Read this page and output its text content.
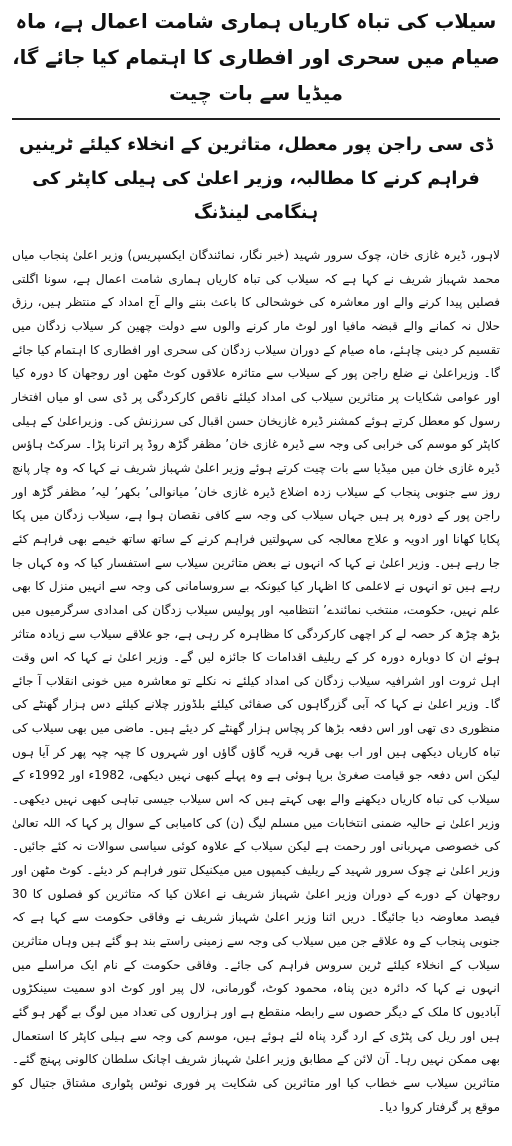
سیلاب کی تباہ کاریاں ہماری شامت اعمال ہے، ماہ صیام میں سحری اور افطاری کا اہتمام کیا جائے گا، میڈیا سے بات چیت
ڈی سی راجن پور معطل، متاثرین کے انخلاء کیلئے ٹرینیں فراہم کرنے کا مطالبہ، وزیر اعلیٰ کی ہیلی کاپٹر کی ہنگامی لینڈنگ

لاہور، ڈیرہ غازی خان، چوک سرور شہید (خبر نگار، نمائندگان ایکسپریس) وزیر اعلیٰ پنجاب میاں محمد شہباز شریف نے کہا ہے کہ سیلاب کی تباہ کاریاں ہماری شامت اعمال ہے، سونا اگلتی فصلیں پیدا کرنے والے اور معاشرہ کی خوشحالی کا باعث بننے والے آج امداد کے منتظر ہیں، رزق حلال نہ کمانے والے قبضہ مافیا اور لوٹ مار کرنے والوں سے دولت چھین کر سیلاب زدگان میں تقسیم کر دینی چاہئے، ماہ صیام کے دوران سیلاب زدگان کی سحری اور افطاری کا اہتمام کیا جائے گا۔ وزیراعلیٰ نے ضلع راجن پور کے سیلاب سے متاثرہ علاقوں کوٹ مٹھن اور روجھان کا دورہ کیا اور عوامی شکایات پر متاثرین سیلاب کی امداد کیلئے ناقص کارکردگی پر ڈی سی او میاں افتخار رسول کو معطل کرتے ہوئے کمشنر ڈیرہ غازیخان حسن اقبال کی سرزنش کی۔ وزیراعلیٰ کے ہیلی کاپٹر کو موسم کی خرابی کی وجہ سے ڈیرہ غازی خان’ مظفر گڑھ روڈ پر اترنا پڑا۔ سرکٹ ہاؤس ڈیرہ غازی خان میں میڈیا سے بات چیت کرتے ہوئے وزیر اعلیٰ شہباز شریف نے کہا کہ وہ چار پانچ روز سے جنوبی پنجاب کے سیلاب زدہ اضلاع ڈیرہ غازی خان’ میانوالی’ بکھر’ لیہ’ مظفر گڑھ اور راجن پور کے دورہ پر ہیں جہاں سیلاب کی وجہ سے کافی نقصان ہوا ہے، سیلاب زدگان میں پکا پکایا کھانا اور ادویہ و علاج معالجہ کی سہولتیں فراہم کرنے کے ساتھ ساتھ خیمے بھی فراہم کئے جا رہے ہیں۔ وزیر اعلیٰ نے کہا کہ انہوں نے بعض متاثرین سیلاب سے استفسار کیا کہ وہ کہاں جا رہے ہیں تو انہوں نے لاعلمی کا اظہار کیا کیونکہ بے سروسامانی کی وجہ سے انہیں منزل کا بھی علم نہیں، حکومت، منتخب نمائندے’ انتظامیہ اور پولیس سیلاب زدگان کی امدادی سرگرمیوں میں بڑھ چڑھ کر حصہ لے کر اچھی کارکردگی کا مظاہرہ کر رہی ہے، جو علاقے سیلاب سے زیادہ متاثر ہوئے ان کا دوبارہ دورہ کر کے ریلیف اقدامات کا جائزہ لیں گے۔ وزیر اعلیٰ نے کہا کہ اس وقت اہل ثروت اور اشرافیہ سیلاب زدگان کی امداد کیلئے نہ نکلے تو معاشرہ میں خونی انقلاب آ جائے گا۔ وزیر اعلیٰ نے کہا کہ آبی گزرگاہوں کی صفائی کیلئے بلڈوزر چلانے کیلئے دس ہزار گھنٹے کی منظوری دی تھی اور اس دفعہ بڑھا کر پچاس ہزار گھنٹے کر دیئے ہیں۔ ماضی میں بھی سیلاب کی تباہ کاریاں دیکھی ہیں اور اب بھی قریہ قریہ گاؤں گاؤں اور شہروں کا چپہ چپہ پھر کر آیا ہوں لیکن اس دفعہ جو قیامت صغریٰ برپا ہوئی ہے وہ پہلے کبھی نہیں دیکھی، 1982ء اور 1992ء کے سیلاب کی تباہ کاریاں دیکھنے والے بھی کہتے ہیں کہ اس سیلاب جیسی تباہی کبھی نہیں دیکھی۔ وزیر اعلیٰ نے حالیہ ضمنی انتخابات میں مسلم لیگ (ن) کی کامیابی کے سوال پر کہا کہ اللہ تعالیٰ کی خصوصی مہربانی اور رحمت ہے لیکن سیلاب کے علاوہ کوئی سیاسی سوالات نہ کئے جائیں۔ وزیر اعلیٰ نے چوک سرور شہید کے ریلیف کیمپوں میں میکنیکل تنور فراہم کر دیئے۔ کوٹ مٹھن اور روجھان کے دورے کے دوران وزیر اعلیٰ شہباز شریف نے اعلان کیا کہ متاثرین کو فصلوں کا 30 فیصد معاوضہ دیا جائیگا۔ دریں اثنا وزیر اعلیٰ شہباز شریف نے وفاقی حکومت سے کہا ہے کہ جنوبی پنجاب کے وہ علاقے جن میں سیلاب کی وجہ سے زمینی راستے بند ہو گئے ہیں وہاں متاثرین سیلاب کے انخلاء کیلئے ٹرین سروس فراہم کی جائے۔ وفاقی حکومت کے نام ایک مراسلے میں انہوں نے کہا کہ دائرہ دین پناہ، محمود کوٹ، گورمانی، لال پیر اور کوٹ ادو سمیت سینکڑوں آبادیوں کا ملک کے دیگر حصوں سے رابطہ منقطع ہے اور ہزاروں کی تعداد میں لوگ بے گھر ہو گئے ہیں اور ریل کی پٹڑی کے ارد گرد پناہ لئے ہوئے ہیں، موسم کی وجہ سے ہیلی کاپٹر کا استعمال بھی ممکن نہیں رہا۔ آن لائن کے مطابق وزیر اعلیٰ شہباز شریف اچانک سلطان کالونی پہنچ گئے۔ متاثرین سیلاب سے خطاب کیا اور متاثرین کی شکایت پر فوری نوٹس پٹواری مشتاق جتیال کو موقع پر گرفتار کروا دیا۔
